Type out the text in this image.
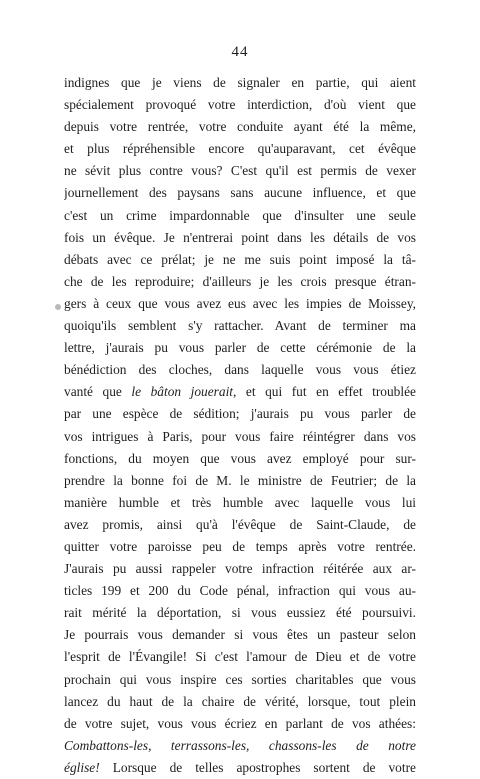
44
indignes que je viens de signaler en partie, qui aient
spécialement provoqué votre interdiction, d'où vient que
depuis votre rentrée, votre conduite ayant été la même,
et plus répréhensible encore qu'auparavant, cet évêque
ne sévit plus contre vous? C'est qu'il est permis de vexer
journellement des paysans sans aucune influence, et que
c'est un crime impardonnable que d'insulter une seule
fois un évêque. Je n'entrerai point dans les détails de vos
débats avec ce prélat; je ne me suis point imposé la tâ-
che de les reproduire; d'ailleurs je les crois presque étran-
gers à ceux que vous avez eus avec les impies de Moissey,
quoiqu'ils semblent s'y rattacher. Avant de terminer ma
lettre, j'aurais pu vous parler de cette cérémonie de la
bénédiction des cloches, dans laquelle vous vous étiez
vanté que le bâton jouerait, et qui fut en effet troublée
par une espèce de sédition; j'aurais pu vous parler de
vos intrigues à Paris, pour vous faire réintégrer dans vos
fonctions, du moyen que vous avez employé pour sur-
prendre la bonne foi de M. le ministre de Feutrier; de la
manière humble et très humble avec laquelle vous lui
avez promis, ainsi qu'à l'évêque de Saint-Claude, de
quitter votre paroisse peu de temps après votre rentrée.
J'aurais pu aussi rappeler votre infraction réitérée aux ar-
ticles 199 et 200 du Code pénal, infraction qui vous au-
rait mérité la déportation, si vous eussiez été poursuivi.
Je pourrais vous demander si vous êtes un pasteur selon
l'esprit de l'Évangile! Si c'est l'amour de Dieu et de votre
prochain qui vous inspire ces sorties charitables que vous
lancez du haut de la chaire de vérité, lorsque, tout plein
de votre sujet, vous vous écriez en parlant de vos athées:
Combattons-les, terrassons-les, chassons-les de notre
église! Lorsque de telles apostrophes sortent de votre
